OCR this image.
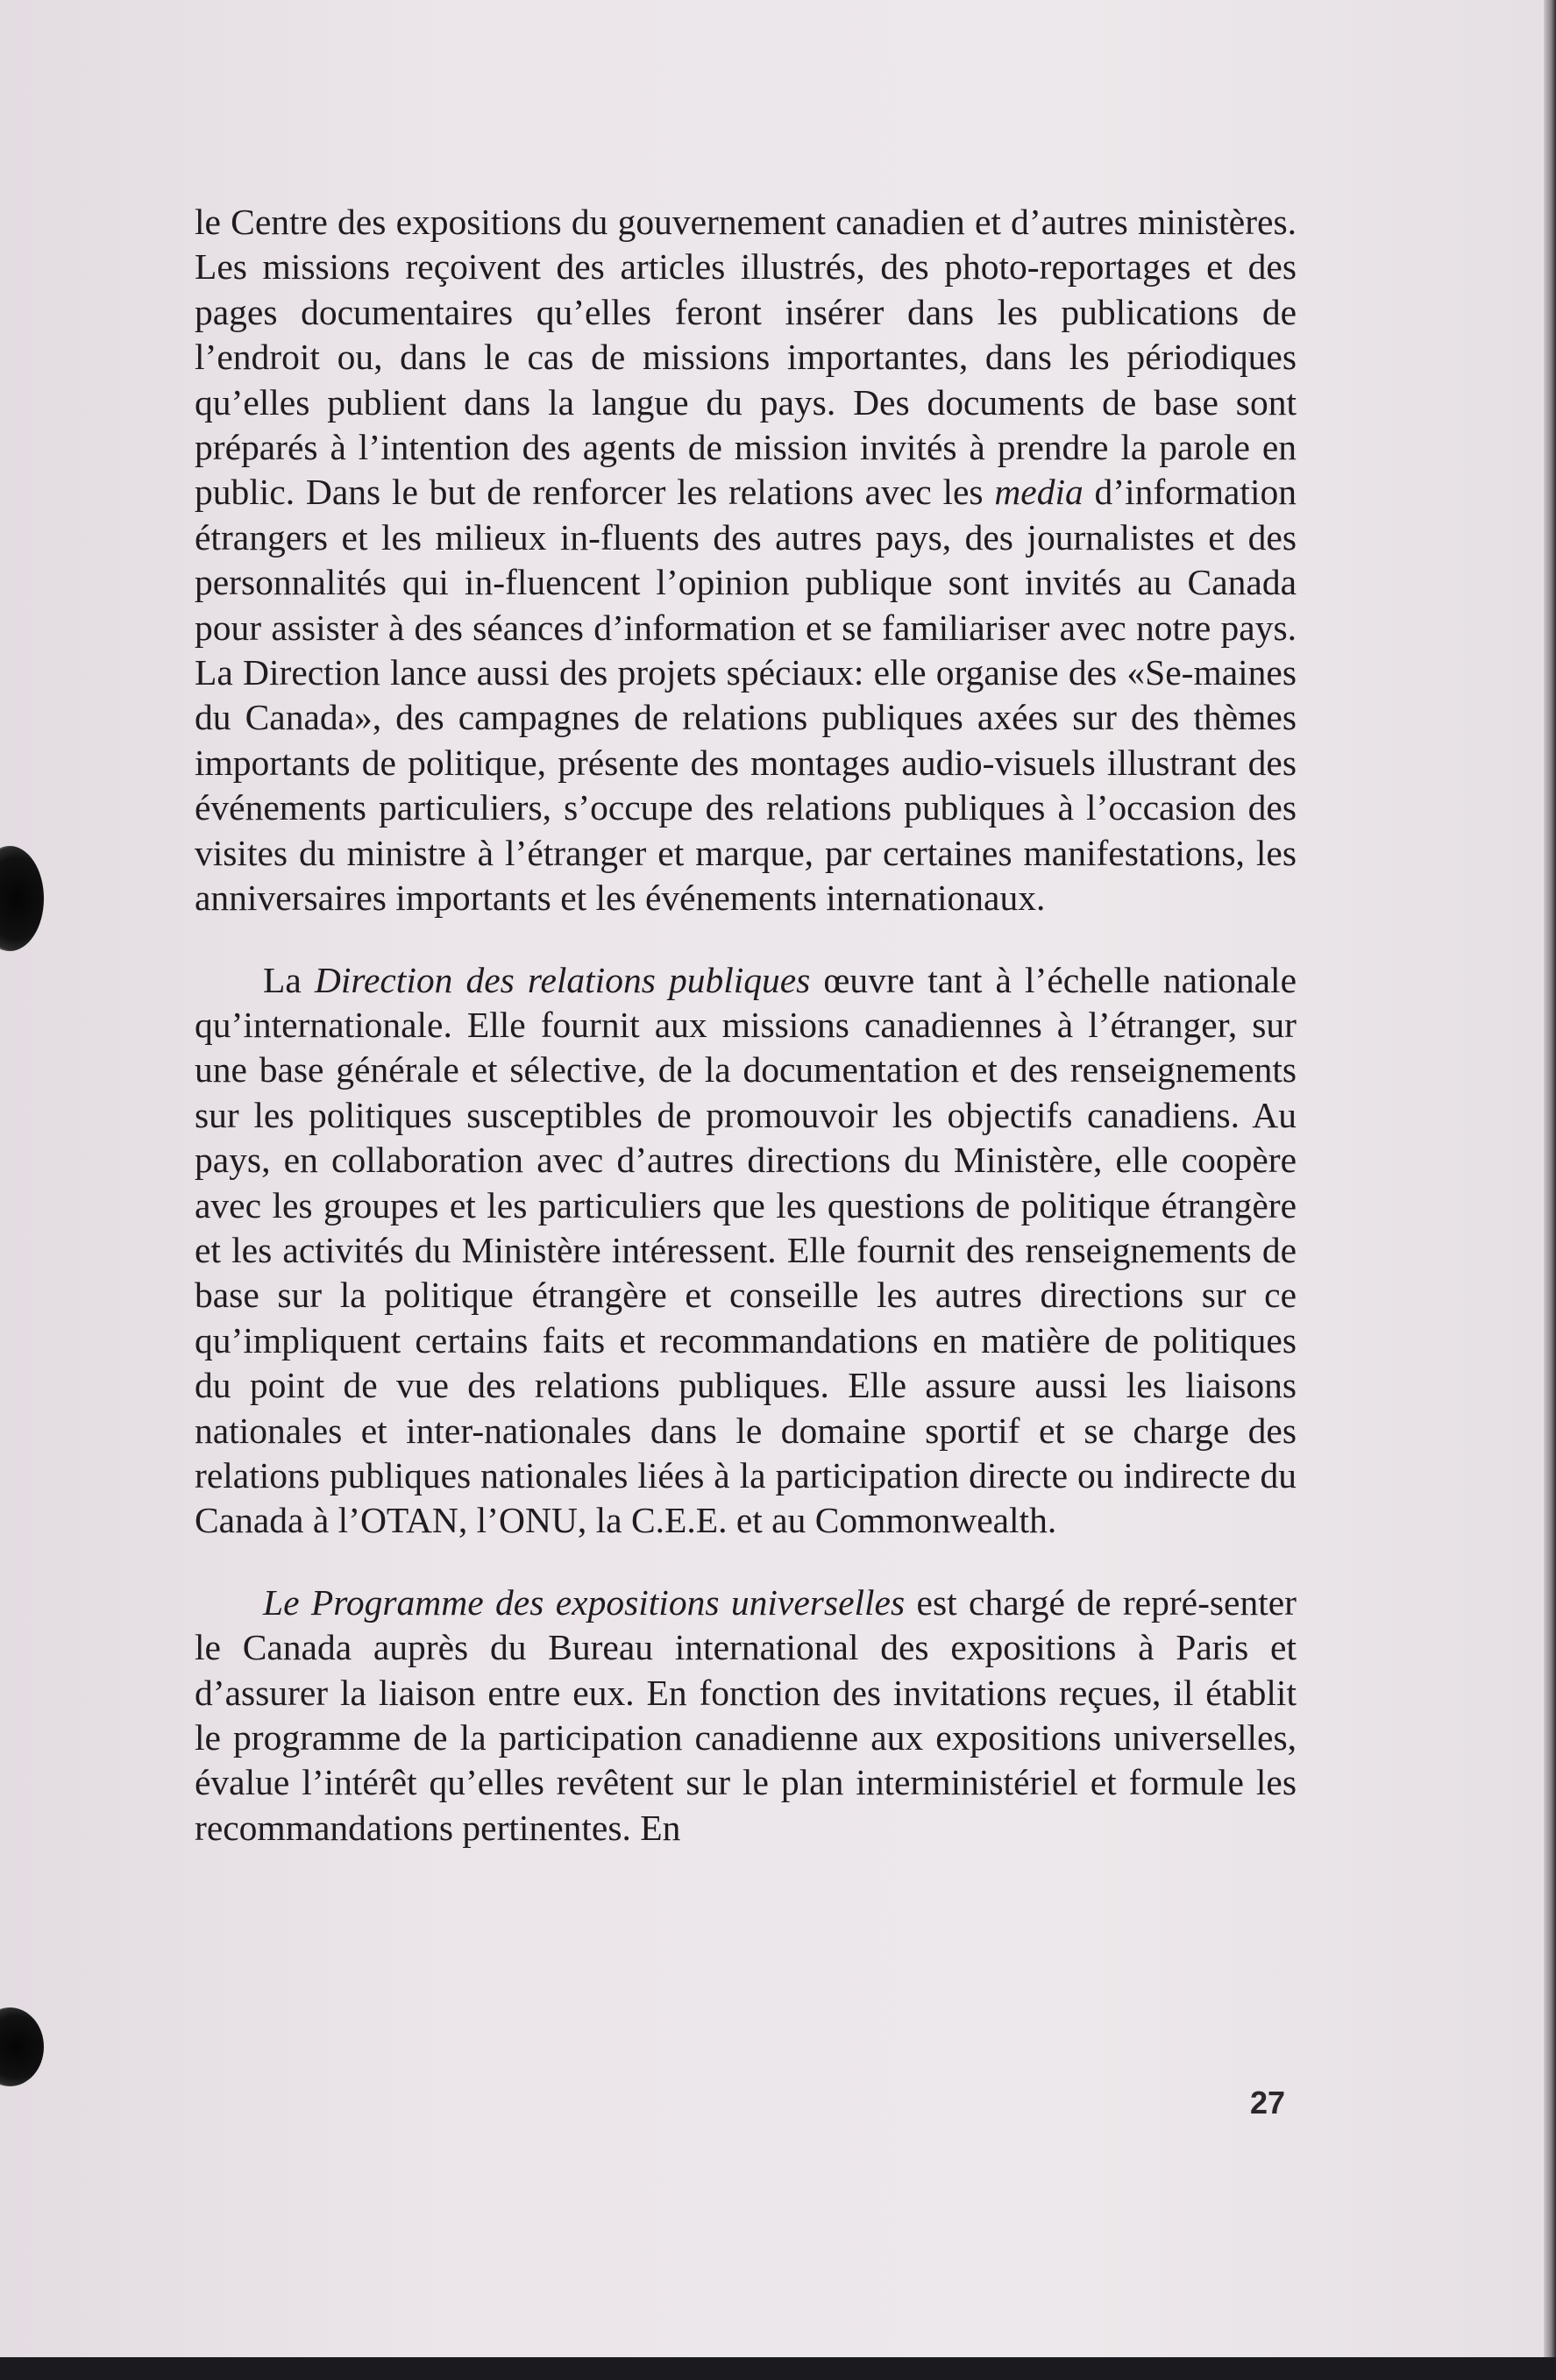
le Centre des expositions du gouvernement canadien et d’autres ministères. Les missions reçoivent des articles illustrés, des photo-reportages et des pages documentaires qu’elles feront insérer dans les publications de l’endroit ou, dans le cas de missions importantes, dans les périodiques qu’elles publient dans la langue du pays. Des documents de base sont préparés à l’intention des agents de mission invités à prendre la parole en public. Dans le but de renforcer les relations avec les media d’information étrangers et les milieux in-fluents des autres pays, des journalistes et des personnalités qui in-fluencent l’opinion publique sont invités au Canada pour assister à des séances d’information et se familiariser avec notre pays. La Direction lance aussi des projets spéciaux: elle organise des «Se-maines du Canada», des campagnes de relations publiques axées sur des thèmes importants de politique, présente des montages audio-visuels illustrant des événements particuliers, s’occupe des relations publiques à l’occasion des visites du ministre à l’étranger et marque, par certaines manifestations, les anniversaires importants et les événements internationaux.

La Direction des relations publiques œuvre tant à l’échelle nationale qu’internationale. Elle fournit aux missions canadiennes à l’étranger, sur une base générale et sélective, de la documentation et des renseignements sur les politiques susceptibles de promouvoir les objectifs canadiens. Au pays, en collaboration avec d’autres directions du Ministère, elle coopère avec les groupes et les particuliers que les questions de politique étrangère et les activités du Ministère intéressent. Elle fournit des renseignements de base sur la politique étrangère et conseille les autres directions sur ce qu’impliquent certains faits et recommandations en matière de politiques du point de vue des relations publiques. Elle assure aussi les liaisons nationales et inter-nationales dans le domaine sportif et se charge des relations publiques nationales liées à la participation directe ou indirecte du Canada à l’OTAN, l’ONU, la C.E.E. et au Commonwealth.

Le Programme des expositions universelles est chargé de repré-senter le Canada auprès du Bureau international des expositions à Paris et d’assurer la liaison entre eux. En fonction des invitations reçues, il établit le programme de la participation canadienne aux expositions universelles, évalue l’intérêt qu’elles revêtent sur le plan interministériel et formule les recommandations pertinentes. En

27
